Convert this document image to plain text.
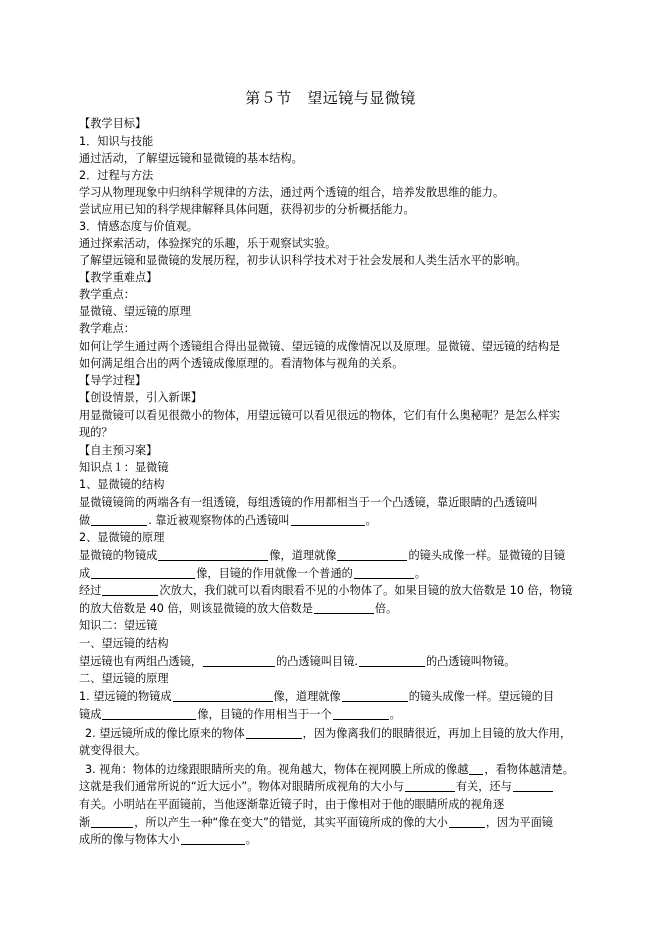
第５节　望远镜与显微镜
【教学目标】
1．知识与技能
通过活动，了解望远镜和显微镜的基本结构。
2．过程与方法
学习从物理现象中归纳科学规律的方法，通过两个透镜的组合，培养发散思维的能力。
尝试应用已知的科学规律解释具体问题，获得初步的分析概括能力。
3．情感态度与价值观。
通过探索活动，体验探究的乐趣，乐于观察试实验。
了解望远镜和显微镜的发展历程，初步认识科学技术对于社会发展和人类生活水平的影响。
【教学重难点】
教学重点：
显微镜、望远镜的原理
教学难点：
如何让学生通过两个透镜组合得出显微镜、望远镜的成像情况以及原理。显微镜、望远镜的结构是
如何满足组合出的两个透镜成像原理的。看清物体与视角的关系。
【导学过程】
【创设情景，引入新课】
用显微镜可以看见很微小的物体，用望远镜可以看见很远的物体，它们有什么奥秘呢？是怎么样实
现的？
【自主预习案】
知识点１：显微镜
1、显微镜的结构
显微镜镜筒的两端各有一组透镜，每组透镜的作用都相当于一个凸透镜，靠近眼睛的凸透镜叫
做	. 靠近被观察物体的凸透镜叫	。
2、显微镜的原理
显微镜的物镜成	像，道理就像	的镜头成像一样。显微镜的目镜
成	像，目镜的作用就像一个普通的	。
经过	次放大，我们就可以看肉眼看不见的小物体了。如果目镜的放大倍数是 10 倍，物镜
的放大倍数是 40 倍，则该显微镜的放大倍数是	倍。
知识二：望远镜
一、望远镜的结构
望远镜也有两组凸透镜，	的凸透镜叫目镜.	的凸透镜叫物镜。
二、望远镜的原理
1. 望远镜的物镜成	像，道理就像	的镜头成像一样。望远镜的目
镜成	像，目镜的作用相当于一个	。
2. 望远镜所成的像比原来的物体	，因为像离我们的眼睛很近，再加上目镜的放大作用，
就变得很大。
3. 视角：物体的边缘跟眼睛所夹的角。视角越大，物体在视网膜上所成的像越 ，看物体越清楚。
这就是我们通常所说的“近大远小”。物体对眼睛所成视角的大小与	有关，还与
有关。小明站在平面镜前，当他逐渐靠近镜子时，由于像相对于他的眼睛所成的视角逐
渐	，所以产生一种“像在变大”的错觉，其实平面镜所成的像的大小	，因为平面镜
成所的像与物体大小	。
